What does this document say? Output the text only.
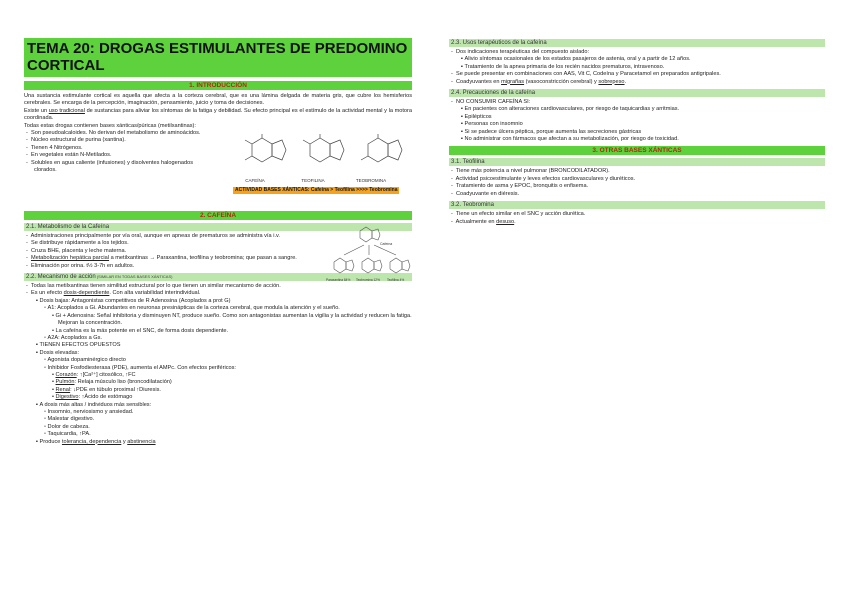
TEMA 20: DROGAS ESTIMULANTES DE PREDOMINO CORTICAL
1. INTRODUCCIÓN

Una sustancia estimulante cortical es aquella que afecta a la corteza cerebral, que es una lámina delgada de materia gris, que cubre los hemisferios cerebrales. Se encarga de la percepción, imaginación, pensamiento, juicio y toma de decisiones.

Existe un uso tradicional de sustancias para aliviar los síntomas de la fatiga y debilidad. Su efecto principal es el estímulo de la actividad mental y la motora coordinada.

Todas estas drogas contienen bases xánticas/púricas (metilxantinas):

-  Son pseudoalcaloides. No derivan del metabolismo de aminoácidos.

-  Núcleo estructural de purina (xantina).

-  Tienen 4 Nitrógenos.

-  En vegetales están N-Metilados.

-  Solubles en agua caliente (infusiones) y disolventes halogenados clorados.

CAFEÍNA	TEOFILINA	TEOBROMINA
ACTIVIDAD BASES XÁNTICAS: Cafeína > Teofilina >>>> Teobromina
2. CAFEÍNA
2.1. Metabolismo de la Cafeína

-  Administraciones principalmente por vía oral, aunque en apneas de prematuros se administra vía i.v.

-  Se distribuye rápidamente a los tejidos.

-  Cruza BHE, placenta y leche materna.

-  Metabolización hepática parcial a metilxantinas → Paraxantina, teofilina y teobromina; que pasan a sangre.

-  Eliminación por orina. t½ 3-7h en adultos.

Cafeína
Paraxantina 84% Teobromina 12% Teofilina 4%
2.2. Mecanismo de acción (SIMILAR EN TODAS BASES XÁNTICAS)

-  Todas las metilxantinas tienen similitud estructural por lo que tienen un similar mecanismo de acción.

-  Es un efecto dosis-dependiente. Con alta variabilidad interindividual.

▪ Dosis bajas: Antagonistas competitivos de R Adenosina (Acoplados a prot G)

▫ A1: Acoplados a Gi. Abundantes en neuronas presinápticas de la corteza cerebral, que modula la atención y el sueño.

• Gi + Adenosina: Señal inhibitoria y disminuyen NT, produce sueño. Como son antagonistas aumentan la vigilia y la actividad y reducen la fatiga. Mejoran la concentración.

• La cafeína es la más potente en el SNC, de forma dosis dependiente.

▫ A2A: Acoplados a Gs.

▪ TIENEN EFECTOS OPUESTOS

▪ Dosis elevadas:

▫ Agonista dopaminérgico directo

▫ Inhibidor Fosfodiesterasa (PDE), aumenta el AMPc. Con efectos periféricos:

• Corazón: ↑[Ca²⁺] citosólico, ↑FC

• Pulmón: Relaja músculo liso (broncodilatación)

• Renal: ↓PDE en túbulo proximal ↑Diuresis.

• Digestivo: ↑Ácido de estómago

▪ A dosis más altas / individuos más sensibles:

▫ Insomnio, nerviosismo y ansiedad.

▫ Malestar digestivo.

▫ Dolor de cabeza.

▫ Taquicardia, ↑PA.

▪ Produce tolerancia, dependencia y abstinencia

2.3. Usos terapéuticos de la cafeína

-  Dos indicaciones terapéuticas del compuesto aislado:

▪ Alivio síntomas ocasionales de los estados pasajeros de astenia, oral y a partir de 12 años.

▪ Tratamiento de la apnea primaria de los recién nacidos prematuros, intravenoso.

-  Se puede presentar en combinaciones con AAS, Vit C, Codeína y Paracetamol en preparados antigripales.

-  Coadyuvantes en migrañas (vasoconstricción cerebral) y sobrepeso.

2.4. Precauciones de la cafeína

-  NO CONSUMIR CAFEÍNA SI:

▪ En pacientes con alteraciones cardiovasculares, por riesgo de taquicardias y arritmias.

▪ Epilépticos

▪ Personas con insomnio

▪ Si se padece úlcera péptica, porque aumenta las secreciones gástricas

▪ No administrar con fármacos que afectan a su metabolización, por riesgo de toxicidad.

3. OTRAS BASES XÁNTICAS
3.1. Teofilina

-  Tiene más potencia a nivel pulmonar (BRONCODILATADOR).

-  Actividad psicoestimulante y leves efectos cardiovasculares y diuréticos.

-  Tratamiento de asma y EPOC, bronquitis o enfisema.

-  Coadyuvante en diéresis.

3.2. Teobromina

-  Tiene un efecto similar en el SNC y acción diurética.

-  Actualmente en desuso.
